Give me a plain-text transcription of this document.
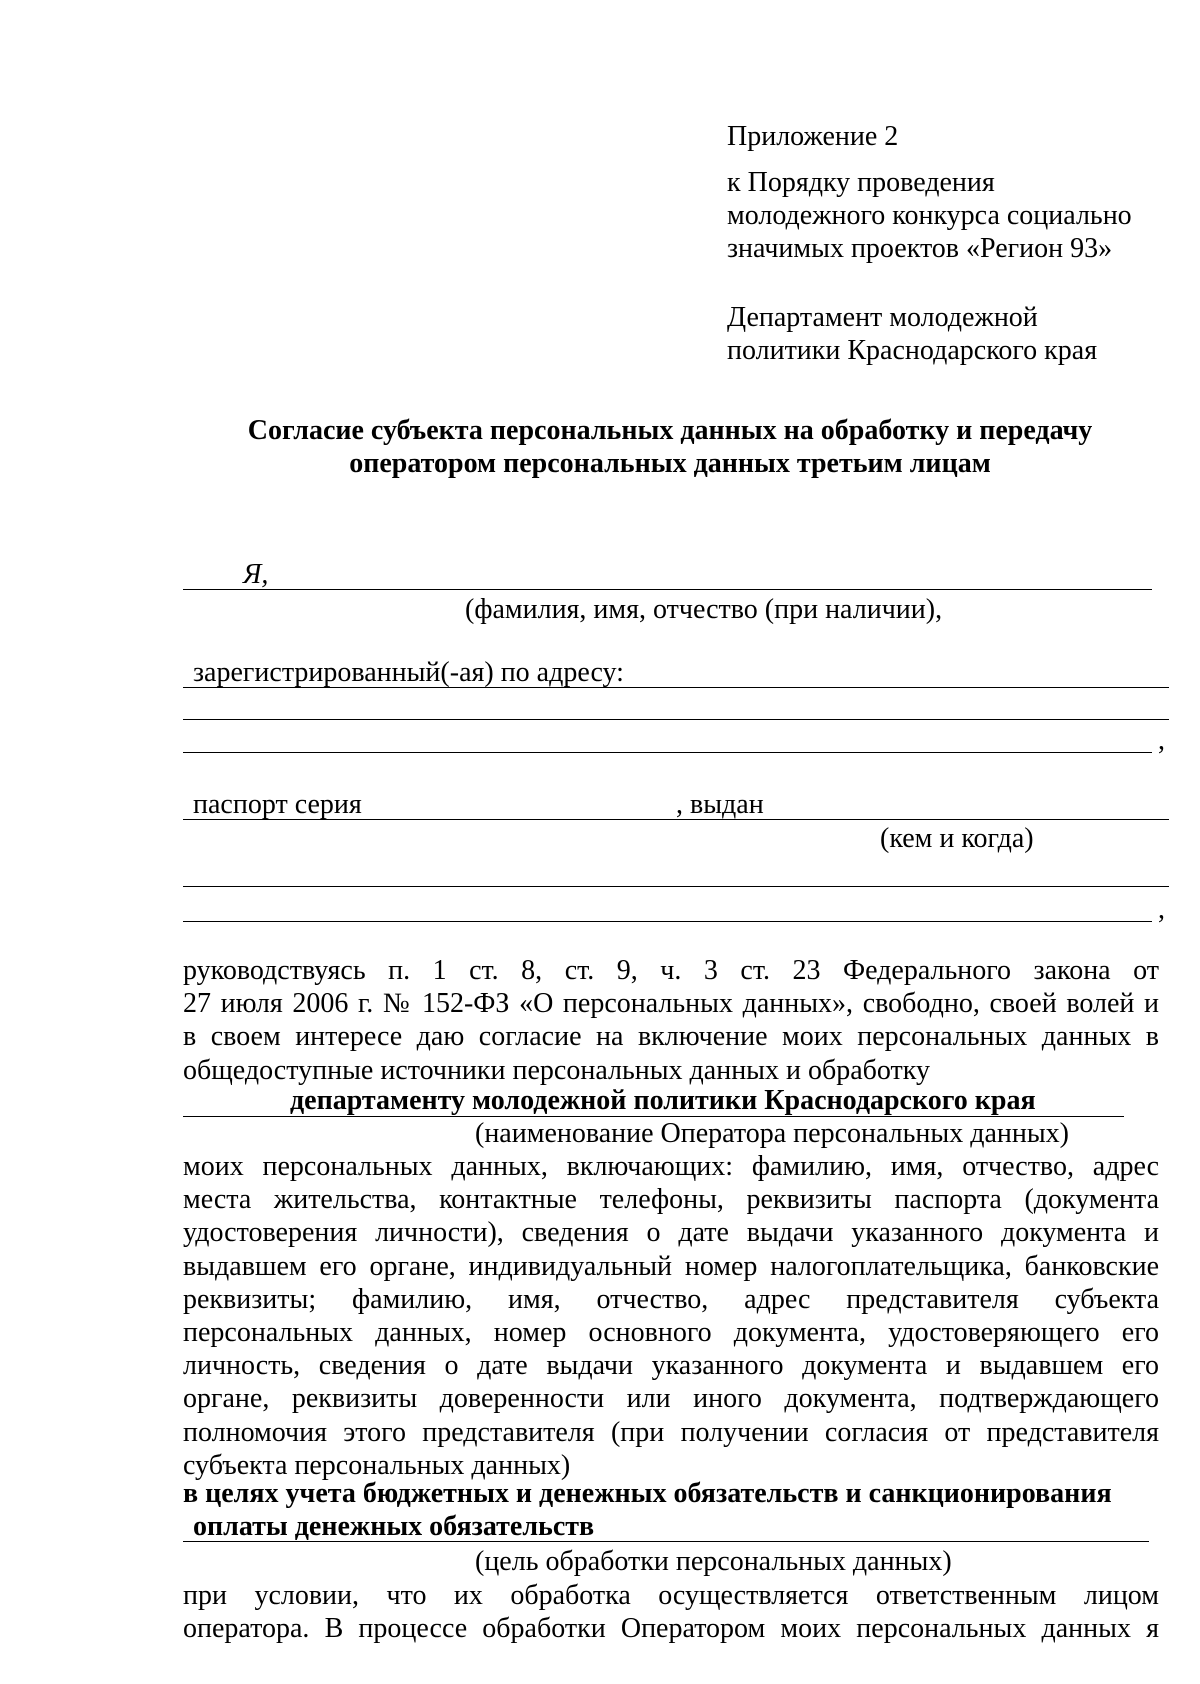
Приложение 2
к Порядку проведения
молодежного конкурса социально
значимых проектов «Регион 93»
Департамент молодежной
политики Краснодарского края
Согласие субъекта персональных данных на обработку и передачу
оператором персональных данных третьим лицам
Я,
(фамилия, имя, отчество (при наличии),
зарегистрированный(-ая) по адресу:
,
паспорт серия	, выдан
(кем и когда)
,
руководствуясь п. 1 ст. 8, ст. 9, ч. 3 ст. 23 Федерального закона от
27 июля 2006 г. № 152-ФЗ «О персональных данных», свободно, своей волей и
в своем интересе даю согласие на включение моих персональных данных в
общедоступные источники персональных данных и обработку
департаменту молодежной политики Краснодарского края
(наименование Оператора персональных данных)
моих персональных данных, включающих: фамилию, имя, отчество, адрес
места жительства, контактные телефоны, реквизиты паспорта (документа
удостоверения личности), сведения о дате выдачи указанного документа и
выдавшем его органе, индивидуальный номер налогоплательщика, банковские
реквизиты; фамилию, имя, отчество, адрес представителя субъекта
персональных данных, номер основного документа, удостоверяющего его
личность, сведения о дате выдачи указанного документа и выдавшем его
органе, реквизиты доверенности или иного документа, подтверждающего
полномочия этого представителя (при получении согласия от представителя
субъекта персональных данных)
в целях учета бюджетных и денежных обязательств и санкционирования
оплаты денежных обязательств
(цель обработки персональных данных)
при условии, что их обработка осуществляется ответственным лицом
оператора. В процессе обработки Оператором моих персональных данных я
